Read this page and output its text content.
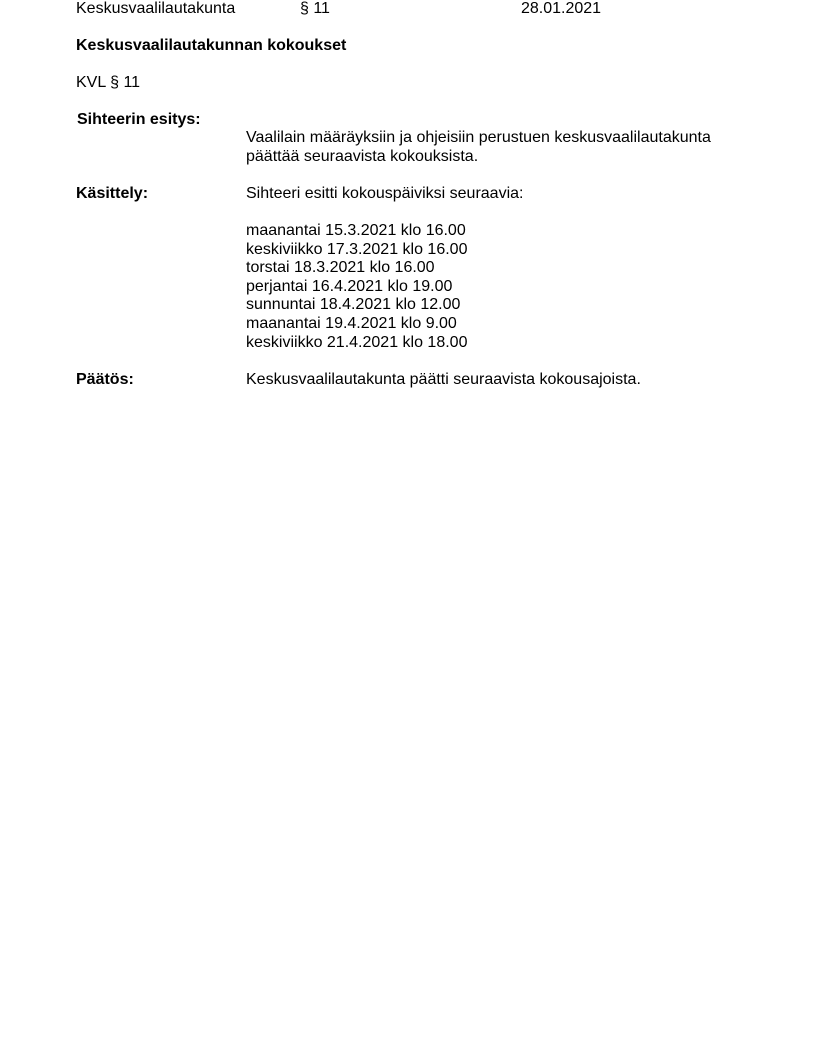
Keskusvaalilautakunta	§ 11	28.01.2021
Keskusvaalilautakunnan kokoukset
KVL § 11
Sihteerin esitys:
Vaalilain määräyksiin ja ohjeisiin perustuen keskusvaalilautakunta
päättää seuraavista kokouksista.
Käsittely:	Sihteeri esitti kokouspäiviksi seuraavia:
maanantai 15.3.2021 klo 16.00
keskiviikko 17.3.2021 klo 16.00
torstai 18.3.2021 klo 16.00
perjantai 16.4.2021 klo 19.00
sunnuntai 18.4.2021 klo 12.00
maanantai 19.4.2021 klo 9.00
keskiviikko 21.4.2021 klo 18.00
Päätös:	Keskusvaalilautakunta päätti seuraavista kokousajoista.
